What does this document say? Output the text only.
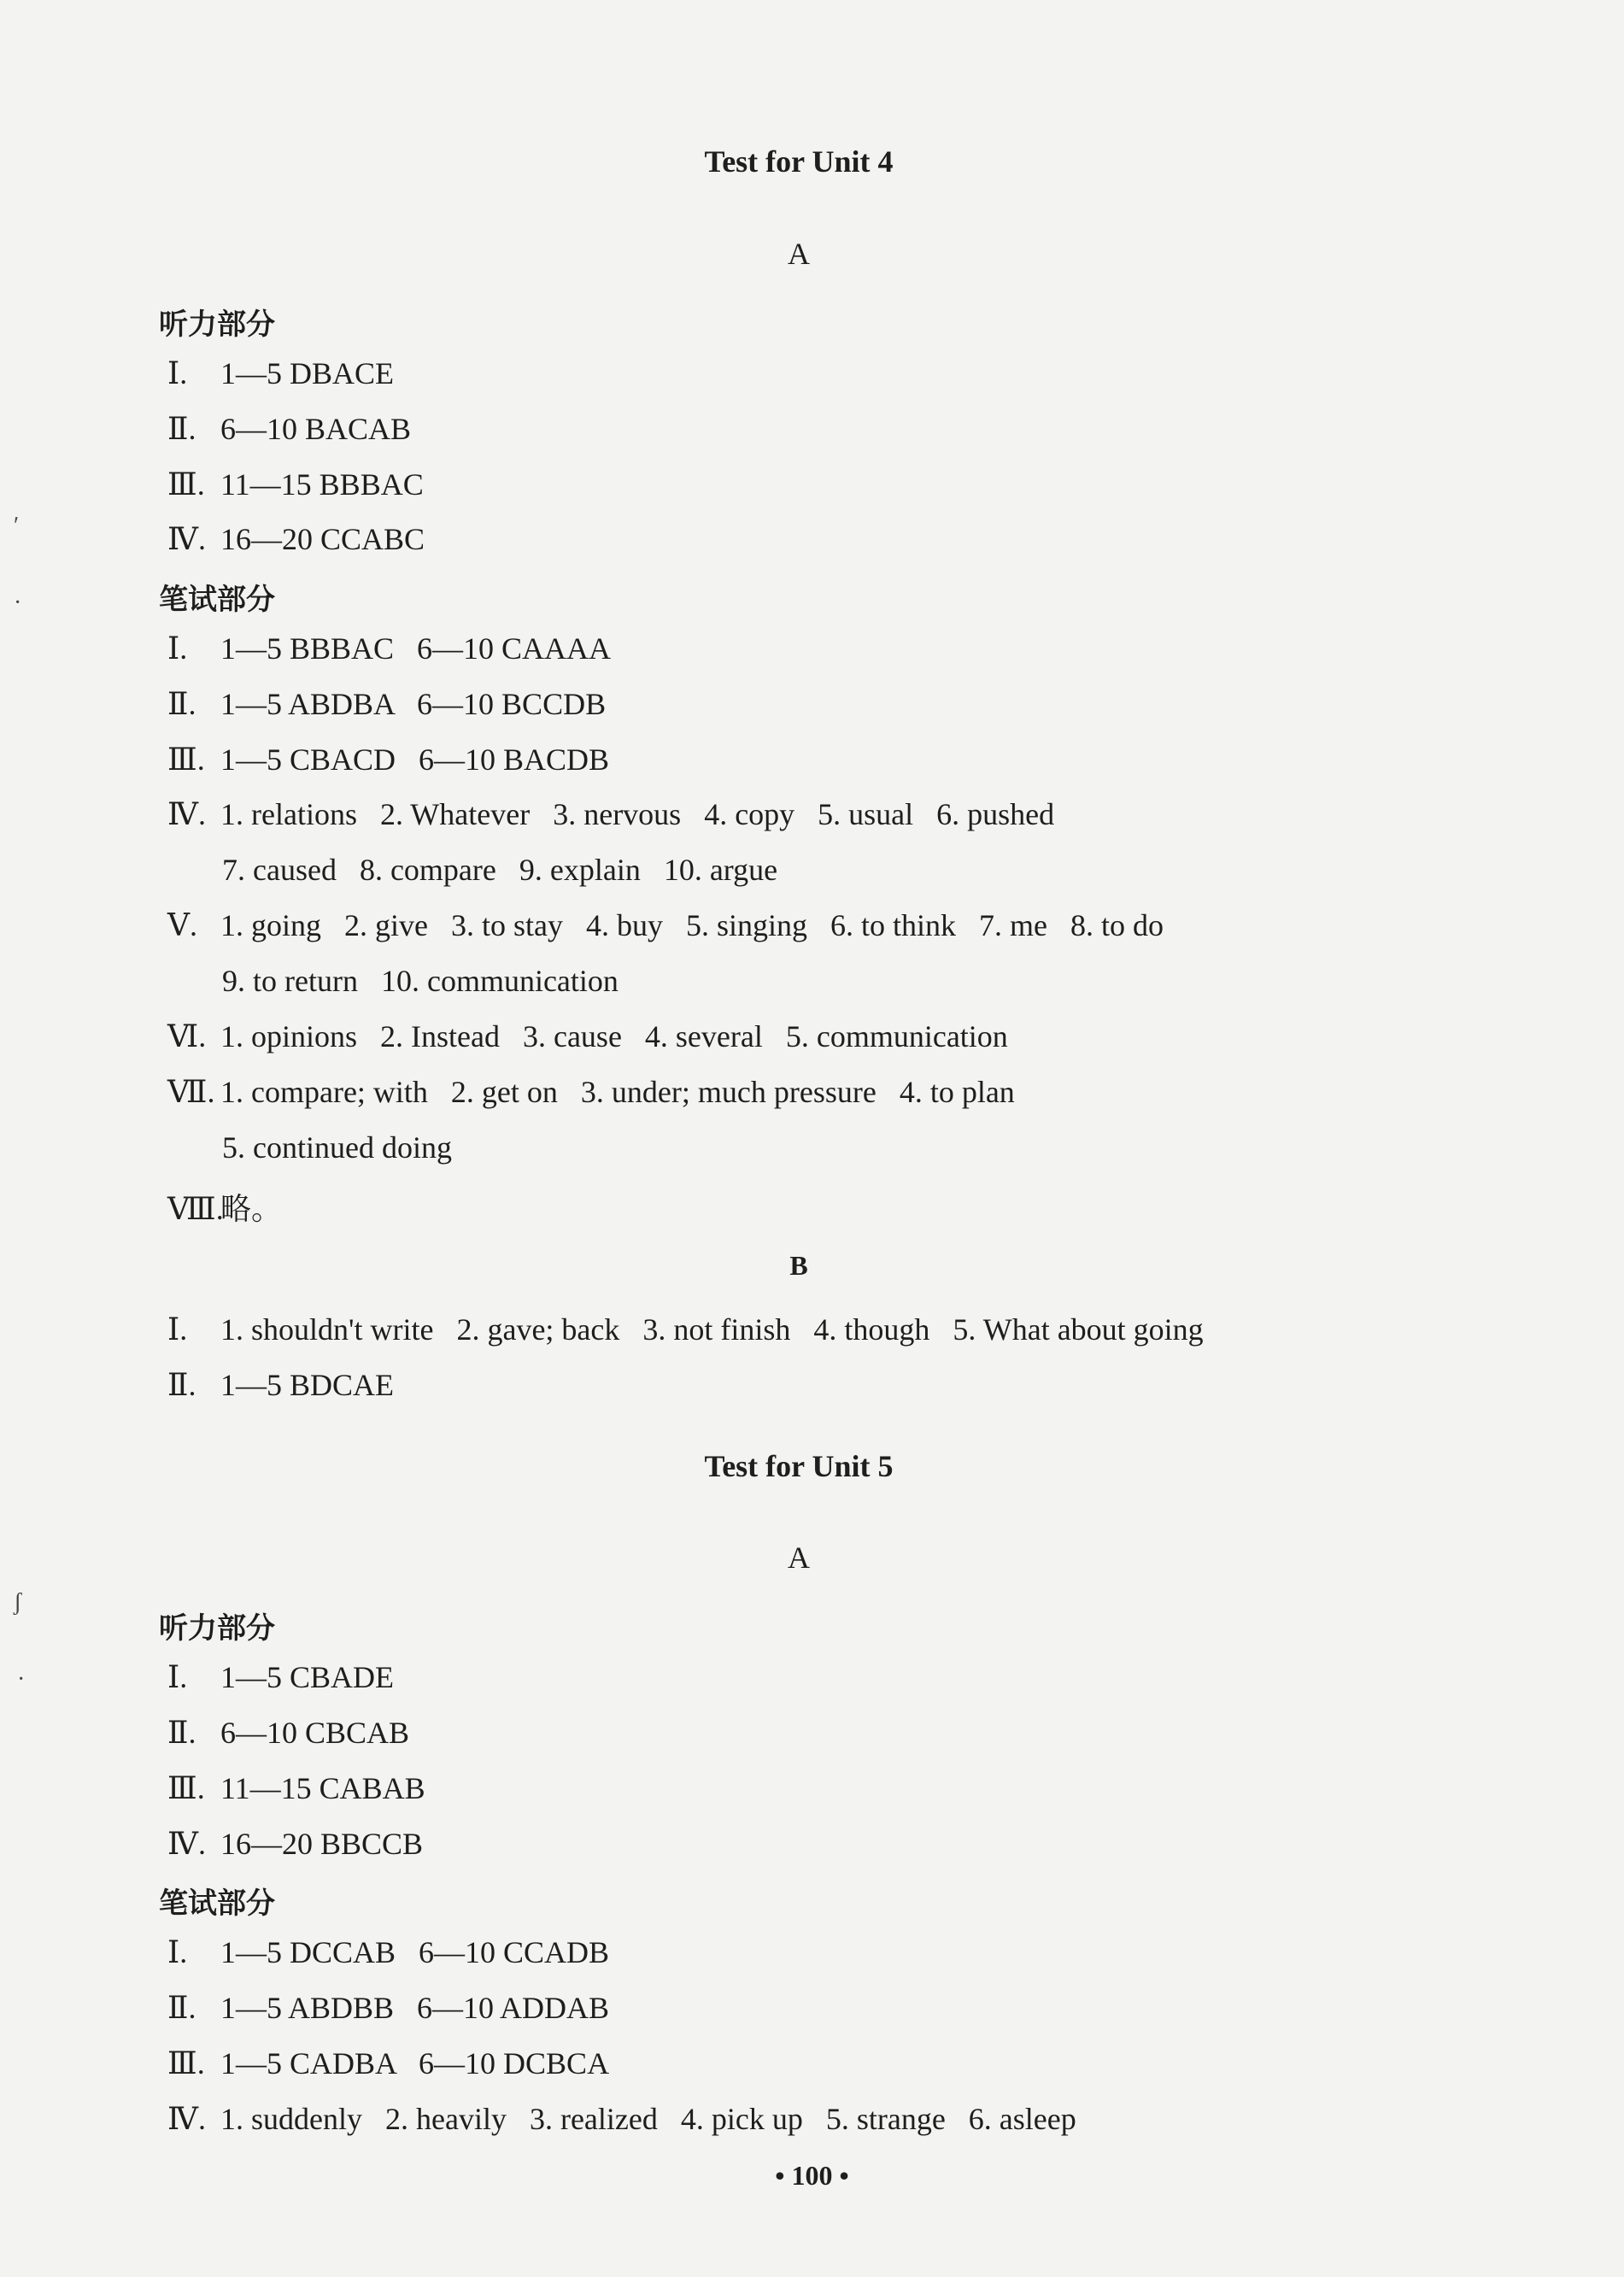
Test for Unit 4
A
听力部分
Ⅰ. 1—5 DBACE
Ⅱ. 6—10 BACAB
Ⅲ. 11—15 BBBAC
Ⅳ. 16—20 CCABC
笔试部分
Ⅰ. 1—5 BBBAC   6—10 CAAAA
Ⅱ. 1—5 ABDBA   6—10 BCCDB
Ⅲ. 1—5 CBACD   6—10 BACDB
Ⅳ. 1. relations   2. Whatever   3. nervous   4. copy   5. usual   6. pushed
7. caused   8. compare   9. explain   10. argue
Ⅴ. 1. going   2. give   3. to stay   4. buy   5. singing   6. to think   7. me   8. to do
9. to return   10. communication
Ⅵ. 1. opinions   2. Instead   3. cause   4. several   5. communication
Ⅶ. 1. compare; with   2. get on   3. under; much pressure   4. to plan
5. continued doing
Ⅷ.略。
B
Ⅰ. 1. shouldn't write   2. gave; back   3. not finish   4. though   5. What about going
Ⅱ. 1—5 BDCAE
Test for Unit 5
A
听力部分
Ⅰ. 1—5 CBADE
Ⅱ. 6—10 CBCAB
Ⅲ. 11—15 CABAB
Ⅳ. 16—20 BBCCB
笔试部分
Ⅰ. 1—5 DCCAB   6—10 CCADB
Ⅱ. 1—5 ABDBB   6—10 ADDAB
Ⅲ. 1—5 CADBA   6—10 DCBCA
Ⅳ. 1. suddenly   2. heavily   3. realized   4. pick up   5. strange   6. asleep
• 100 •
ʹ
·
ʃ
·
